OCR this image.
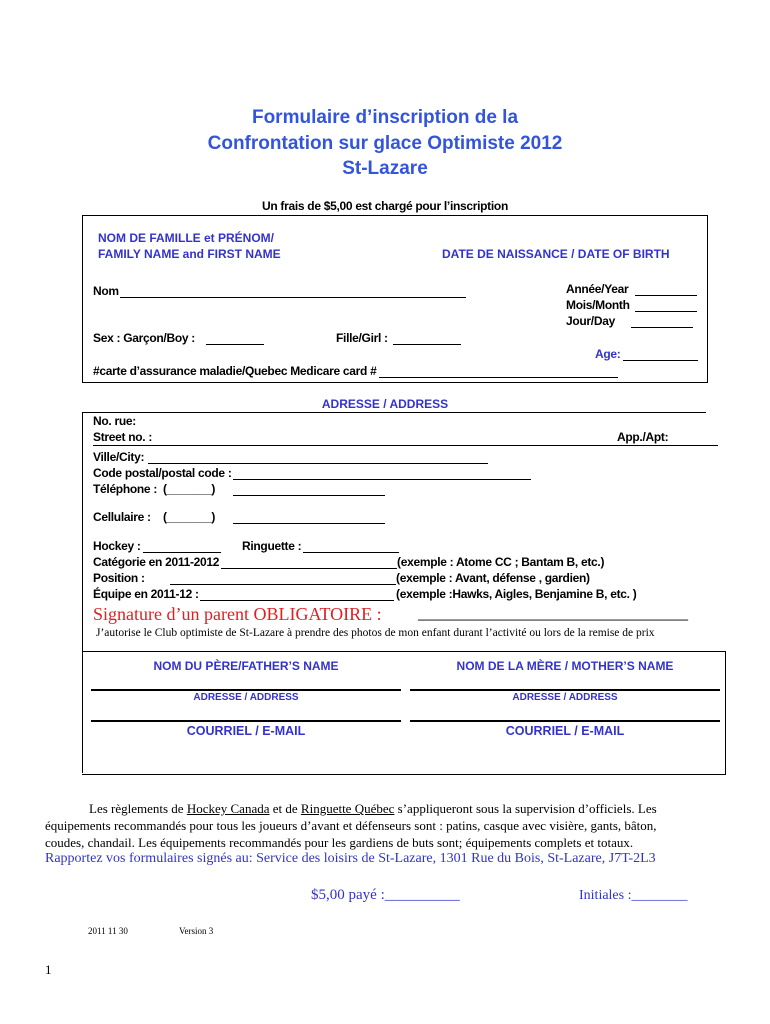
Formulaire d’inscription de la
Confrontation sur glace Optimiste 2012
St-Lazare
Un frais de $5,00 est chargé pour l’inscription
NOM DE FAMILLE et PRÉNOM/
FAMILY NAME and FIRST NAME	DATE DE NAISSANCE / DATE OF BIRTH
Nom	Année/Year
Mois/Month
Jour/Day
Sex : Garçon/Boy :	Fille/Girl :
Age:
#carte d’assurance maladie/Quebec Medicare card #
ADRESSE / ADDRESS
No. rue:
Street no. :	App./Apt:
Ville/City:
Code postal/postal code :
Téléphone : (_______)
Cellulaire : (_______)
Hockey :	Ringuette :
Catégorie en 2011-2012	(exemple : Atome CC ; Bantam B, etc.)
Position :	(exemple : Avant, défense , gardien)
Équipe en 2011-12 :	(exemple :Hawks, Aigles, Benjamine B, etc. )
Signature d’un parent OBLIGATOIRE : ______________________________
J’autorise le Club optimiste de St-Lazare à prendre des photos de mon enfant durant l’activité ou lors de la remise de prix
NOM DU PÈRE/FATHER’S NAME	NOM DE LA MÈRE / MOTHER’S NAME
ADRESSE / ADDRESS	ADRESSE / ADDRESS
COURRIEL / E-MAIL	COURRIEL / E-MAIL
Les règlements de Hockey Canada et de Ringuette Québec s’appliqueront sous la supervision d’officiels. Les
équipements recommandés pour tous les joueurs d’avant et défenseurs sont : patins, casque avec visière, gants, bâton,
coudes, chandail. Les équipements recommandés pour les gardiens de buts sont; équipements complets et totaux.
Rapportez vos formulaires signés au: Service des loisirs de St-Lazare, 1301 Rue du Bois, St-Lazare, J7T-2L3
$5,00 payé :__________	Initiales :________
2011 11 30	Version 3
1
